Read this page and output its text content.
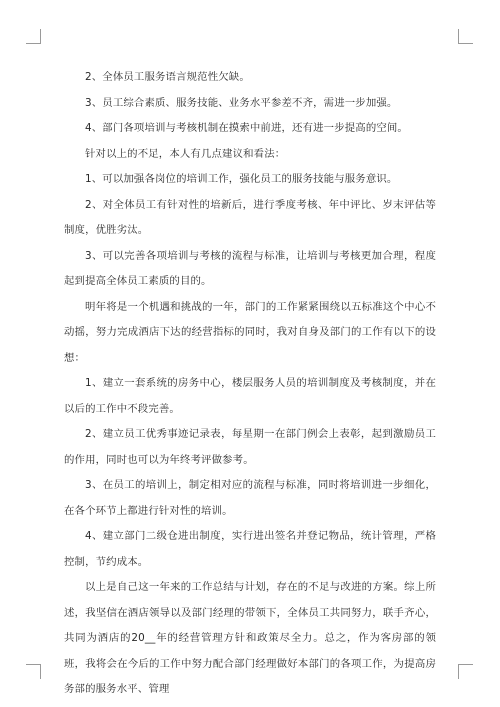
2、全体员工服务语言规范性欠缺。

3、员工综合素质、服务技能、业务水平参差不齐，需进一步加强。

4、部门各项培训与考核机制在摸索中前进，还有进一步提高的空间。

针对以上的不足，本人有几点建议和看法：

1、可以加强各岗位的培训工作，强化员工的服务技能与服务意识。

2、对全体员工有针对性的培新后，进行季度考核、年中评比、岁末评估等制度，优胜劣汰。

3、可以完善各项培训与考核的流程与标准，让培训与考核更加合理，程度起到提高全体员工素质的目的。

明年将是一个机遇和挑战的一年，部门的工作紧紧围绕以五标准这个中心不动摇，努力完成酒店下达的经营指标的同时，我对自身及部门的工作有以下的设想：

1、建立一套系统的房务中心，楼层服务人员的培训制度及考核制度，并在以后的工作中不段完善。

2、建立员工优秀事迹记录表，每星期一在部门例会上表彰，起到激励员工的作用，同时也可以为年终考评做参考。

3、在员工的培训上，制定相对应的流程与标准，同时将培训进一步细化，在各个环节上都进行针对性的培训。

4、建立部门二级仓进出制度，实行进出签名并登记物品，统计管理，严格控制，节约成本。

以上是自己这一年来的工作总结与计划，存在的不足与改进的方案。综上所述，我坚信在酒店领导以及部门经理的带领下，全体员工共同努力，联手齐心，共同为酒店的20__年的经营管理方针和政策尽全力。总之，作为客房部的领班，我将会在今后的工作中努力配合部门经理做好本部门的各项工作，为提高房务部的服务水平、管理
